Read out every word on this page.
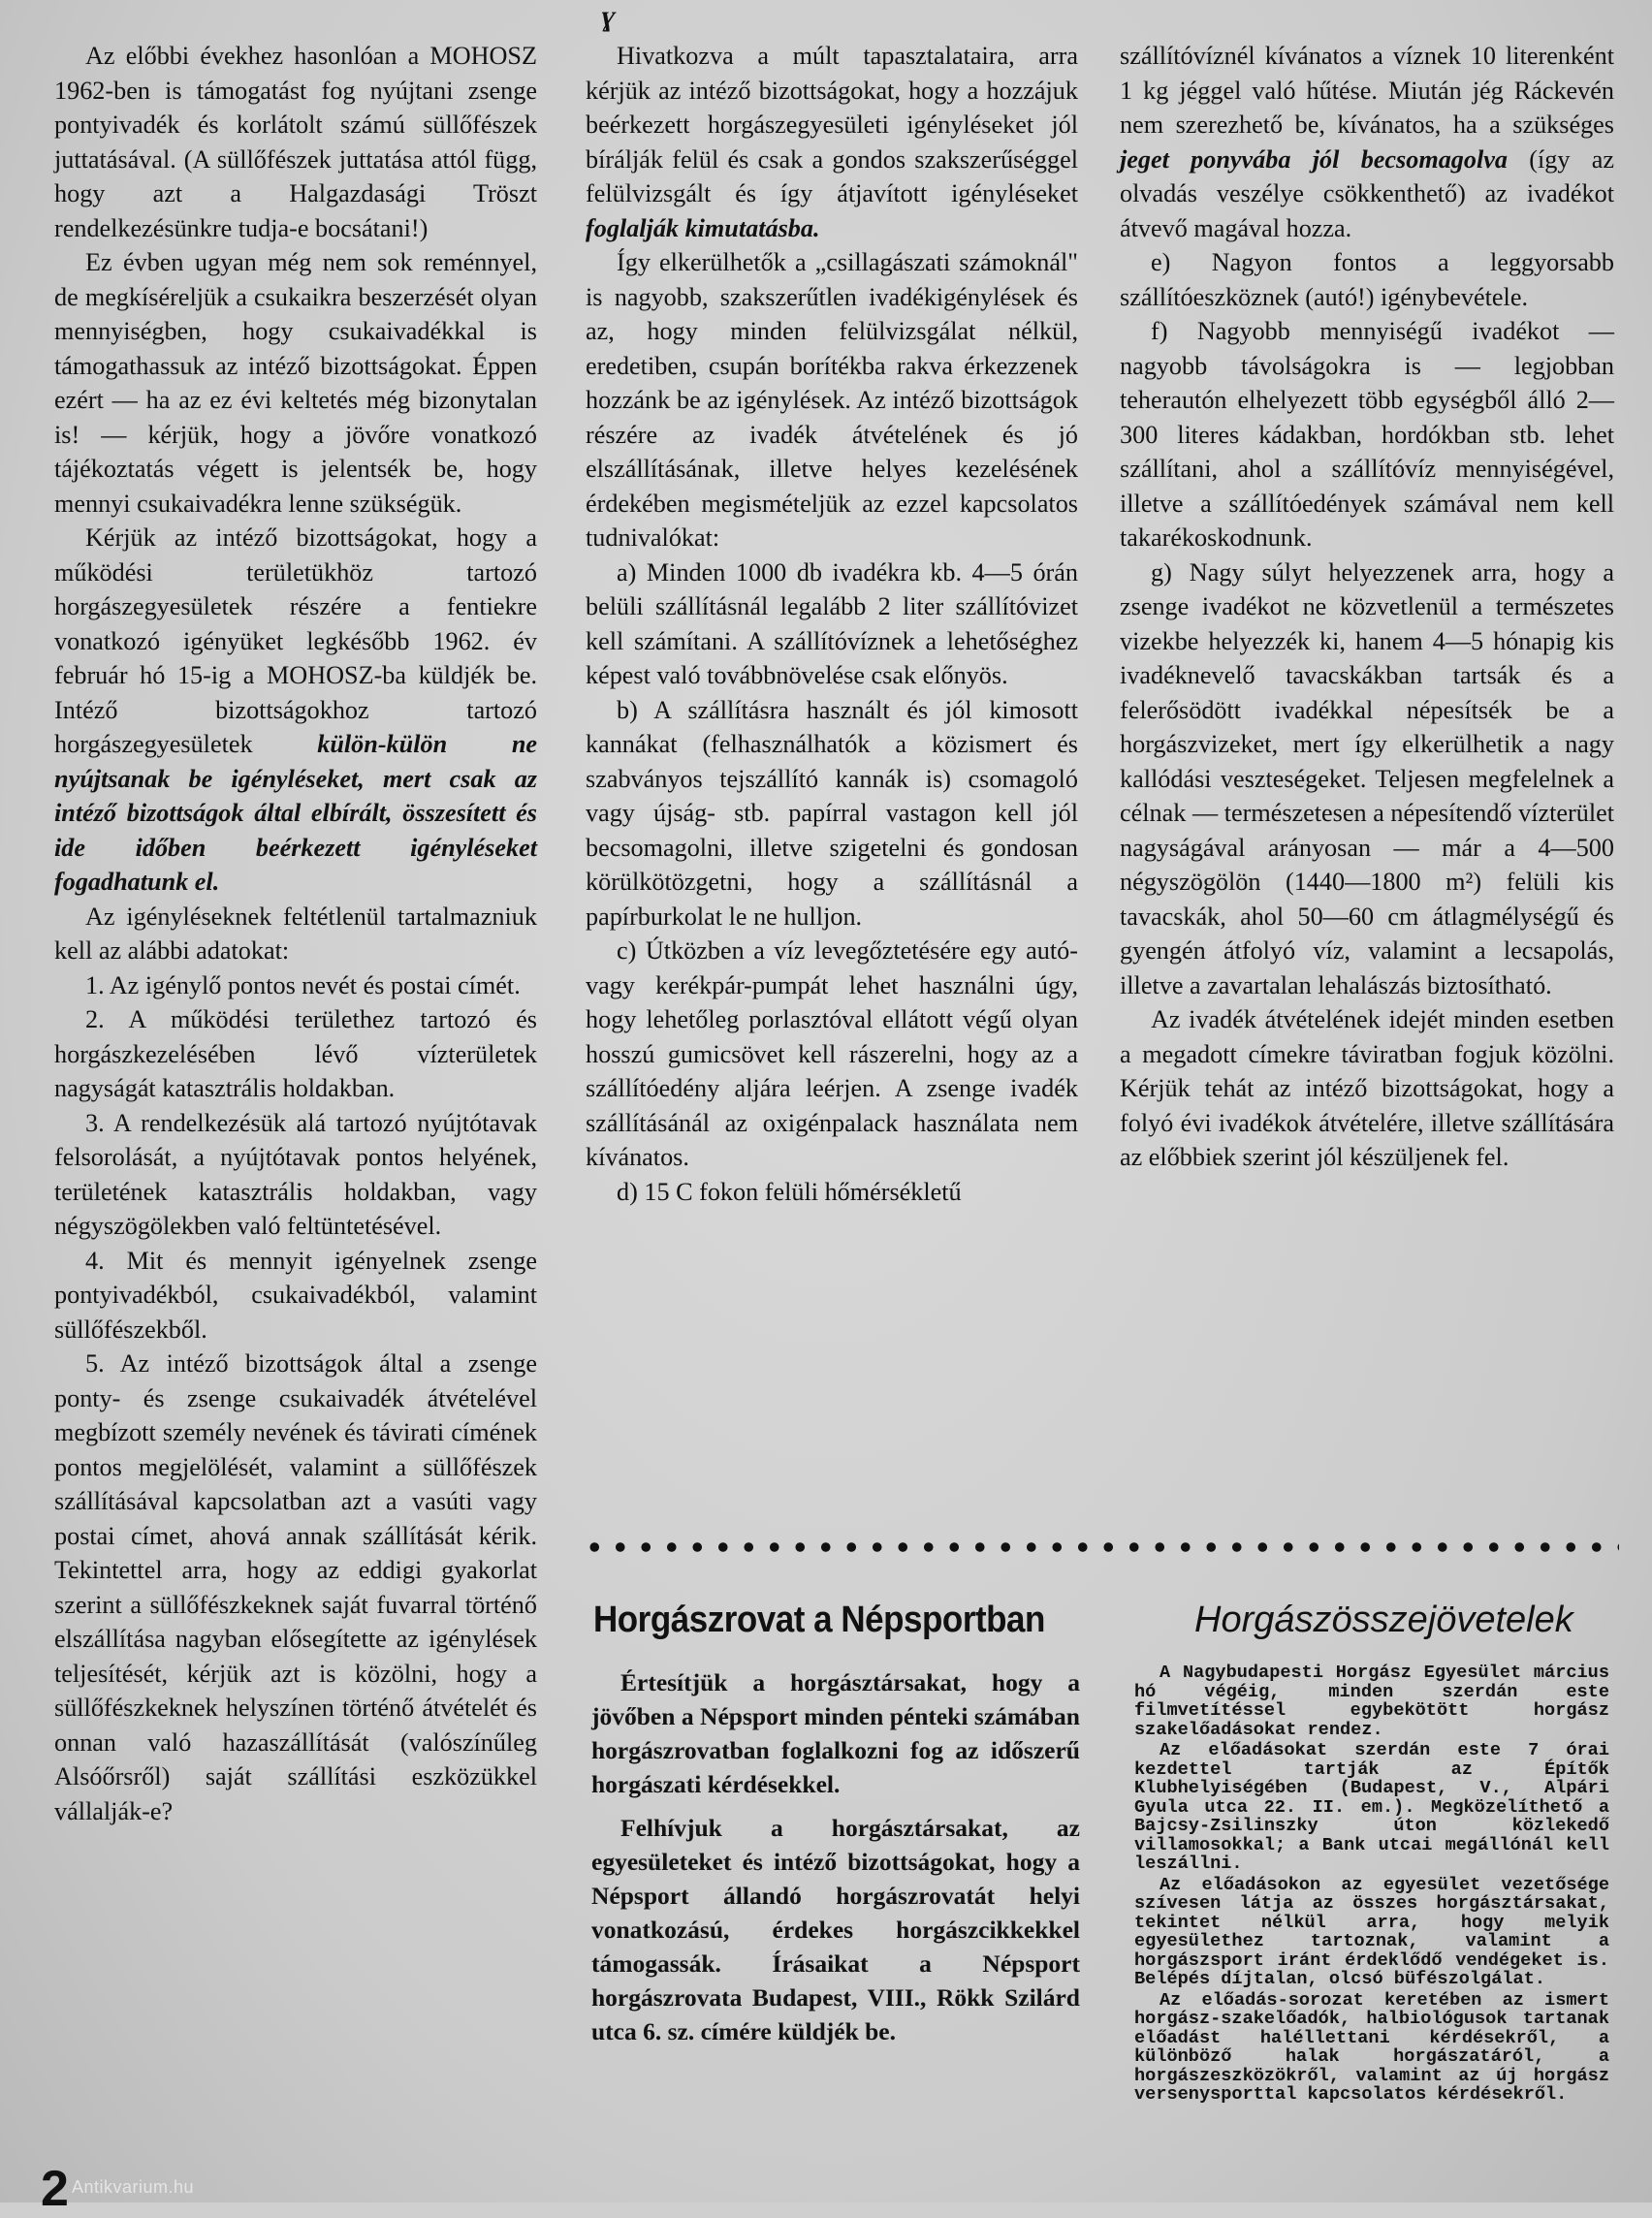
ɣ

Az előbbi évekhez hasonlóan a MOHOSZ 1962-ben is támogatást fog nyújtani zsenge pontyivadék és korlátolt számú süllőfészek juttatásával. (A süllőfészek juttatása attól függ, hogy azt a Halgazdasági Tröszt rendelkezésünkre tudja-e bocsátani!)

Ez évben ugyan még nem sok reménnyel, de megkíséreljük a csukaikra beszerzését olyan mennyiségben, hogy csukaivadékkal is támogathassuk az intéző bizottságokat. Éppen ezért — ha az ez évi keltetés még bizonytalan is! — kérjük, hogy a jövőre vonatkozó tájékoztatás végett is jelentsék be, hogy mennyi csukaivadékra lenne szükségük.

Kérjük az intéző bizottságokat, hogy a működési területükhöz tartozó horgászegyesületek részére a fentiekre vonatkozó igényüket legkésőbb 1962. év február hó 15-ig a MOHOSZ-ba küldjék be. Intéző bizottságokhoz tartozó horgászegyesületek	külön-külön ne nyújtsanak be igényléseket, mert csak az intéző bizottságok által elbírált, összesített és ide időben beérkezett igényléseket fogadhatunk el.

Az igényléseknek feltétlenül tartalmazniuk kell az alábbi adatokat:

1. Az igénylő pontos nevét és postai címét.

2. A működési területhez tartozó és horgászkezelésében lévő vízterületek nagyságát katasztrális holdakban.

3. A rendelkezésük alá tartozó nyújtótavak felsorolását, a nyújtótavak pontos helyének, területének katasztrális holdakban, vagy négyszögölekben való feltüntetésével.

4. Mit és mennyit igényelnek zsenge pontyivadékból, csukaivadékból, valamint süllőfészekből.

5. Az intéző bizottságok által a zsenge ponty- és zsenge csukaivadék átvételével megbízott személy nevének és távirati címének pontos megjelölését, valamint a süllőfészek szállításával kapcsolatban azt a vasúti vagy postai címet, ahová annak szállítását kérik. Tekintettel arra, hogy az eddigi gyakorlat szerint a süllőfészkeknek saját fuvarral történő elszállítása nagyban elősegítette az igénylések teljesítését, kérjük azt is közölni, hogy a süllőfészkeknek helyszínen történő átvételét és onnan való hazaszállítását (valószínűleg Alsóőrsről) saját szállítási eszközükkel vállalják-e?

Hivatkozva a múlt tapasztalataira, arra kérjük az intéző bizottságokat, hogy a hozzájuk beérkezett horgászegyesületi igényléseket jól bírálják felül és csak a gondos szakszerűséggel felülvizsgált és így átjavított igényléseket foglalják kimutatásba.

Így elkerülhetők a „csillagászati számoknál" is nagyobb, szakszerűtlen ivadékigénylések és az, hogy minden felülvizsgálat nélkül, eredetiben, csupán borítékba rakva érkezzenek hozzánk be az igénylések. Az intéző bizottságok részére az ivadék átvételének és jó elszállításának, illetve helyes kezelésének érdekében megismételjük az ezzel kapcsolatos tudnivalókat:

a) Minden 1000 db ivadékra kb. 4—5 órán belüli szállításnál legalább 2 liter szállítóvizet kell számítani. A szállítóvíznek a lehetőséghez képest való továbbnövelése csak előnyös.

b) A szállításra használt és jól kimosott kannákat (felhasználhatók a közismert és szabványos tejszállító kannák is) csomagoló vagy újság- stb. papírral vastagon kell jól becsomagolni, illetve szigetelni és gondosan körülkötözgetni, hogy a szállításnál a papírburkolat le ne hulljon.

c) Útközben a víz levegőztetésére egy autó- vagy kerékpár-pumpát lehet használni úgy, hogy lehetőleg porlasztóval ellátott végű olyan hosszú gumicsövet kell rászerelni, hogy az a szállítóedény aljára leérjen. A zsenge ivadék szállításánál az oxigénpalack használata nem kívánatos.

d) 15 C fokon felüli hőmérsékletű

szállítóvíznél kívánatos a víznek 10 literenként 1 kg jéggel való hűtése. Miután jég Ráckevén nem szerezhető be, kívánatos, ha a szükséges jeget ponyvába jól becsomagolva (így az olvadás veszélye csökkenthető) az ivadékot átvevő magával hozza.

e) Nagyon fontos a leggyorsabb szállítóeszköznek (autó!) igénybevétele.

f) Nagyobb mennyiségű ivadékot — nagyobb távolságokra is — legjobban teherautón elhelyezett több egységből álló 2—300 literes kádakban, hordókban stb. lehet szállítani, ahol a szállítóvíz mennyiségével, illetve a szállítóedények számával nem kell takarékoskodnunk.

g) Nagy súlyt helyezzenek arra, hogy a zsenge ivadékot ne közvetlenül a természetes vizekbe helyezzék ki, hanem 4—5 hónapig kis ivadéknevelő tavacskákban tartsák és a felerősödött ivadékkal népesítsék be a horgászvizeket, mert így elkerülhetik a nagy kallódási veszteségeket. Teljesen megfelelnek a célnak — természetesen a népesítendő vízterület nagyságával arányosan — már a 4—500 négyszögölön (1440—1800 m²) felüli kis tavacskák, ahol 50—60 cm átlagmélységű és gyengén átfolyó víz, valamint a lecsapolás, illetve a zavartalan lehalászás biztosítható.

Az ivadék átvételének idejét minden esetben a megadott címekre táviratban fogjuk közölni. Kérjük tehát az intéző bizottságokat, hogy a folyó évi ivadékok átvételére, illetve szállítására az előbbiek szerint jól készüljenek fel.

Horgászrovat a Népsportban

Értesítjük a horgásztársakat, hogy a jövőben a Népsport minden pénteki számában horgászrovatban foglalkozni fog az időszerű horgászati kérdésekkel.

Felhívjuk a horgásztársakat, az egyesületeket és intéző bizottságokat, hogy a Népsport állandó horgászrovatát helyi vonatkozású, érdekes horgászcikkekkel támogassák. Írásaikat a Népsport horgászrovata Budapest, VIII., Rökk Szilárd utca 6. sz. címére küldjék be.

Horgászösszejövetelek

A Nagybudapesti Horgász Egyesület március hó végéig, minden szerdán este filmvetítéssel egybekötött horgász szakelőadásokat rendez.

Az előadásokat szerdán este 7 órai kezdettel tartják az Építők Klubhelyiségében (Budapest, V., Alpári Gyula utca 22. II. em.). Megközelíthető a Bajcsy-Zsilinszky úton közlekedő villamosokkal; a Bank utcai megállónál kell leszállni.

Az előadásokon az egyesület vezetősége szívesen látja az összes horgásztársakat, tekintet nélkül arra, hogy melyik egyesülethez tartoznak, valamint a horgászsport iránt érdeklődő vendégeket is. Belépés díjtalan, olcsó büfészolgálat.

Az előadás-sorozat keretében az ismert horgász-szakelőadók, halbiológusok tartanak előadást haléllettani kérdésekről, a különböző halak horgászatáról, a horgászeszközökről, valamint az új horgász versenysporttal kapcsolatos kérdésekről.

2 Antikvarium.hu
